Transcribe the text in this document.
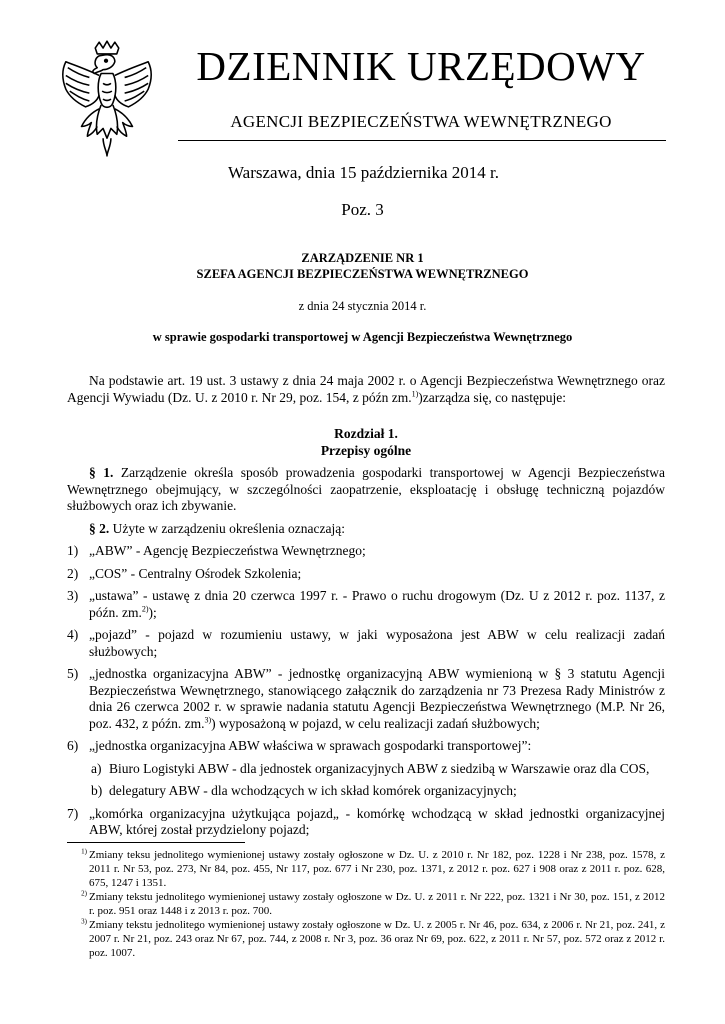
DZIENNIK URZĘDOWY
AGENCJI BEZPIECZEŃSTWA WEWNĘTRZNEGO
Warszawa, dnia 15 października 2014 r.
Poz. 3
ZARZĄDZENIE NR 1
SZEFA AGENCJI BEZPIECZEŃSTWA WEWNĘTRZNEGO
z dnia 24 stycznia 2014 r.
w sprawie gospodarki transportowej w Agencji Bezpieczeństwa Wewnętrznego

Na podstawie art. 19 ust. 3 ustawy z dnia 24 maja 2002 r. o Agencji Bezpieczeństwa Wewnętrznego oraz Agencji Wywiadu (Dz. U. z 2010 r. Nr 29, poz. 154, z późn zm.$^{1)}$)zarządza się, co następuje:

Rozdział 1.
Przepisy ogólne

§ 1. Zarządzenie określa sposób prowadzenia gospodarki transportowej w Agencji Bezpieczeństwa Wewnętrznego obejmujący, w szczególności zaopatrzenie, eksploatację i obsługę techniczną pojazdów służbowych oraz ich zbywanie.

§ 2. Użyte w zarządzeniu określenia oznaczają:

1) „ABW” - Agencję Bezpieczeństwa Wewnętrznego;
2) „COS” - Centralny Ośrodek Szkolenia;
3) „ustawa” - ustawę z dnia 20 czerwca 1997 r. - Prawo o ruchu drogowym (Dz. U z 2012 r. poz. 1137, z późn. zm.$^{2)}$);
4) „pojazd” - pojazd w rozumieniu ustawy, w jaki wyposażona jest ABW w celu realizacji zadań służbowych;
5) „jednostka organizacyjna ABW” - jednostkę organizacyjną ABW wymienioną w § 3 statutu Agencji Bezpieczeństwa Wewnętrznego, stanowiącego załącznik do zarządzenia nr 73 Prezesa Rady Ministrów z dnia 26 czerwca 2002 r. w sprawie nadania statutu Agencji Bezpieczeństwa Wewnętrznego (M.P. Nr 26, poz. 432, z późn. zm.$^{3)}$) wyposażoną w pojazd, w celu realizacji zadań służbowych;
6) „jednostka organizacyjna ABW właściwa w sprawach gospodarki transportowej”:
a) Biuro Logistyki ABW - dla jednostek organizacyjnych ABW z siedzibą w Warszawie oraz dla COS,
b) delegatury ABW - dla wchodzących w ich skład komórek organizacyjnych;
7) „komórka organizacyjna użytkująca pojazd„ - komórkę wchodzącą w skład jednostki organizacyjnej ABW, której został przydzielony pojazd;
$^{1)}$ Zmiany teksu jednolitego wymienionej ustawy zostały ogłoszone w Dz. U. z 2010 r. Nr 182, poz. 1228 i Nr 238, poz. 1578, z 2011 r. Nr 53, poz. 273, Nr 84, poz. 455, Nr 117, poz. 677 i Nr 230, poz. 1371, z 2012 r. poz. 627 i 908 oraz z 2011 r. poz. 628, 675, 1247 i 1351.
$^{2)}$ Zmiany tekstu jednolitego wymienionej ustawy zostały ogłoszone w Dz. U. z 2011 r. Nr 222, poz. 1321 i Nr 30, poz. 151, z 2012 r. poz. 951 oraz 1448 i z 2013 r. poz. 700.
$^{3)}$ Zmiany tekstu jednolitego wymienionej ustawy zostały ogłoszone w Dz. U. z 2005 r. Nr 46, poz. 634, z 2006 r. Nr 21, poz. 241, z 2007 r. Nr 21, poz. 243 oraz Nr 67, poz. 744, z 2008 r. Nr 3, poz. 36 oraz Nr 69, poz. 622, z 2011 r. Nr 57, poz. 572 oraz z 2012 r. poz. 1007.
